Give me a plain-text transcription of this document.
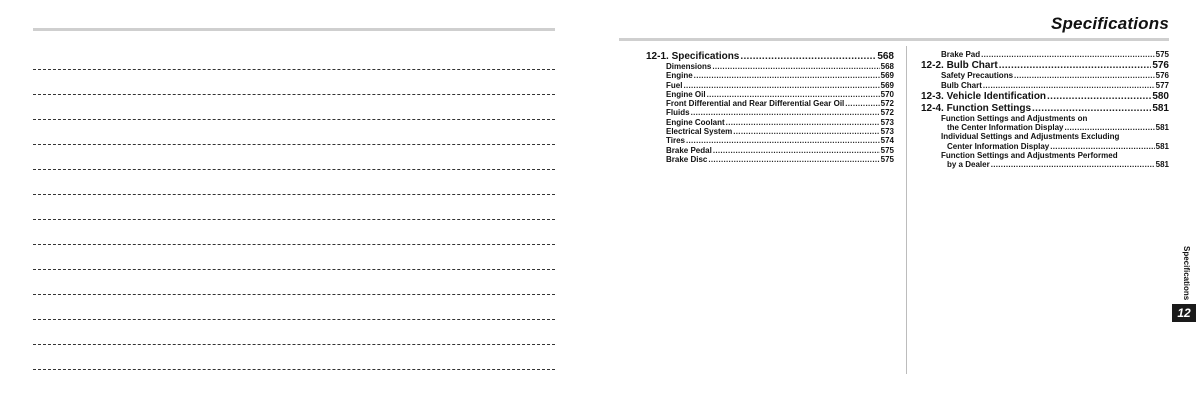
Specifications
12-1. Specifications .....	568
Dimensions .....	568
Engine .....	569
Fuel .....	569
Engine Oil .....	570
Front Differential and Rear Differential Gear Oil .....	572
Fluids .....	572
Engine Coolant .....	573
Electrical System .....	573
Tires .....	574
Brake Pedal .....	575
Brake Disc .....	575
Brake Pad .....	575
12-2. Bulb Chart .....	576
Safety Precautions .....	576
Bulb Chart .....	577
12-3. Vehicle Identification .....	580
12-4. Function Settings .....	581
Function Settings and Adjustments on
the Center Information Display .....	581
Individual Settings and Adjustments Excluding
Center Information Display .....	581
Function Settings and Adjustments Performed
by a Dealer .....	581
Specifications
12
